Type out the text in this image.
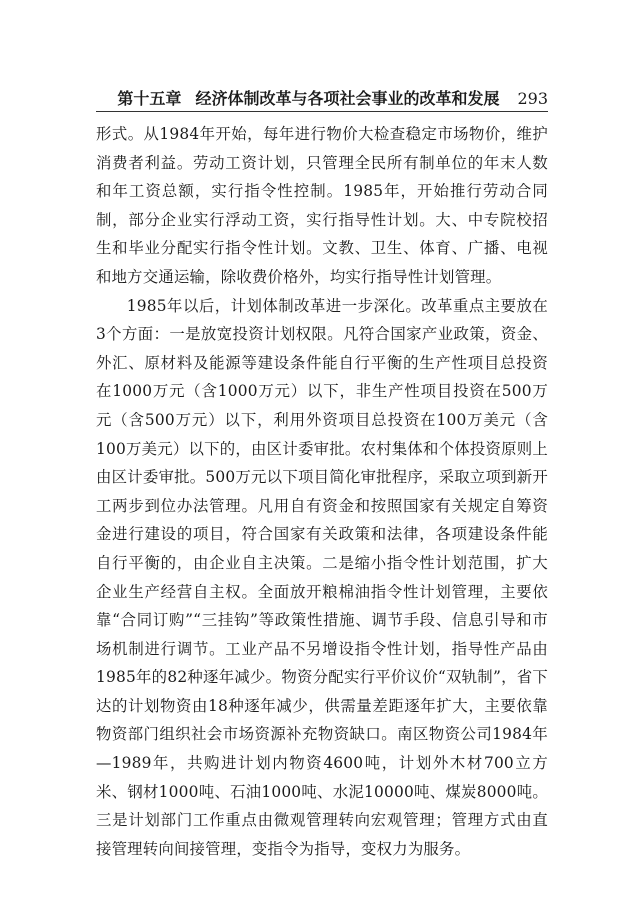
第十五章 经济体制改革与各项社会事业的改革和发展 293

形式。从1984年开始，每年进行物价大检查稳定市场物价，维护消费者利益。劳动工资计划，只管理全民所有制单位的年末人数和年工资总额，实行指令性控制。1985年，开始推行劳动合同制，部分企业实行浮动工资，实行指导性计划。大、中专院校招生和毕业分配实行指令性计划。文教、卫生、体育、广播、电视和地方交通运输，除收费价格外，均实行指导性计划管理。

1985年以后，计划体制改革进一步深化。改革重点主要放在3个方面：一是放宽投资计划权限。凡符合国家产业政策，资金、外汇、原材料及能源等建设条件能自行平衡的生产性项目总投资在1000万元（含1000万元）以下，非生产性项目投资在500万元（含500万元）以下，利用外资项目总投资在100万美元（含100万美元）以下的，由区计委审批。农村集体和个体投资原则上由区计委审批。500万元以下项目简化审批程序，采取立项到新开工两步到位办法管理。凡用自有资金和按照国家有关规定自筹资金进行建设的项目，符合国家有关政策和法律，各项建设条件能自行平衡的，由企业自主决策。二是缩小指令性计划范围，扩大企业生产经营自主权。全面放开粮棉油指令性计划管理，主要依靠“合同订购”“三挂钩”等政策性措施、调节手段、信息引导和市场机制进行调节。工业产品不另增设指令性计划，指导性产品由1985年的82种逐年减少。物资分配实行平价议价“双轨制”，省下达的计划物资由18种逐年减少，供需量差距逐年扩大，主要依靠物资部门组织社会市场资源补充物资缺口。南区物资公司1984年—1989年，共购进计划内物资4600吨，计划外木材700立方米、钢材1000吨、石油1000吨、水泥10000吨、煤炭8000吨。三是计划部门工作重点由微观管理转向宏观管理；管理方式由直接管理转向间接管理，变指令为指导，变权力为服务。
